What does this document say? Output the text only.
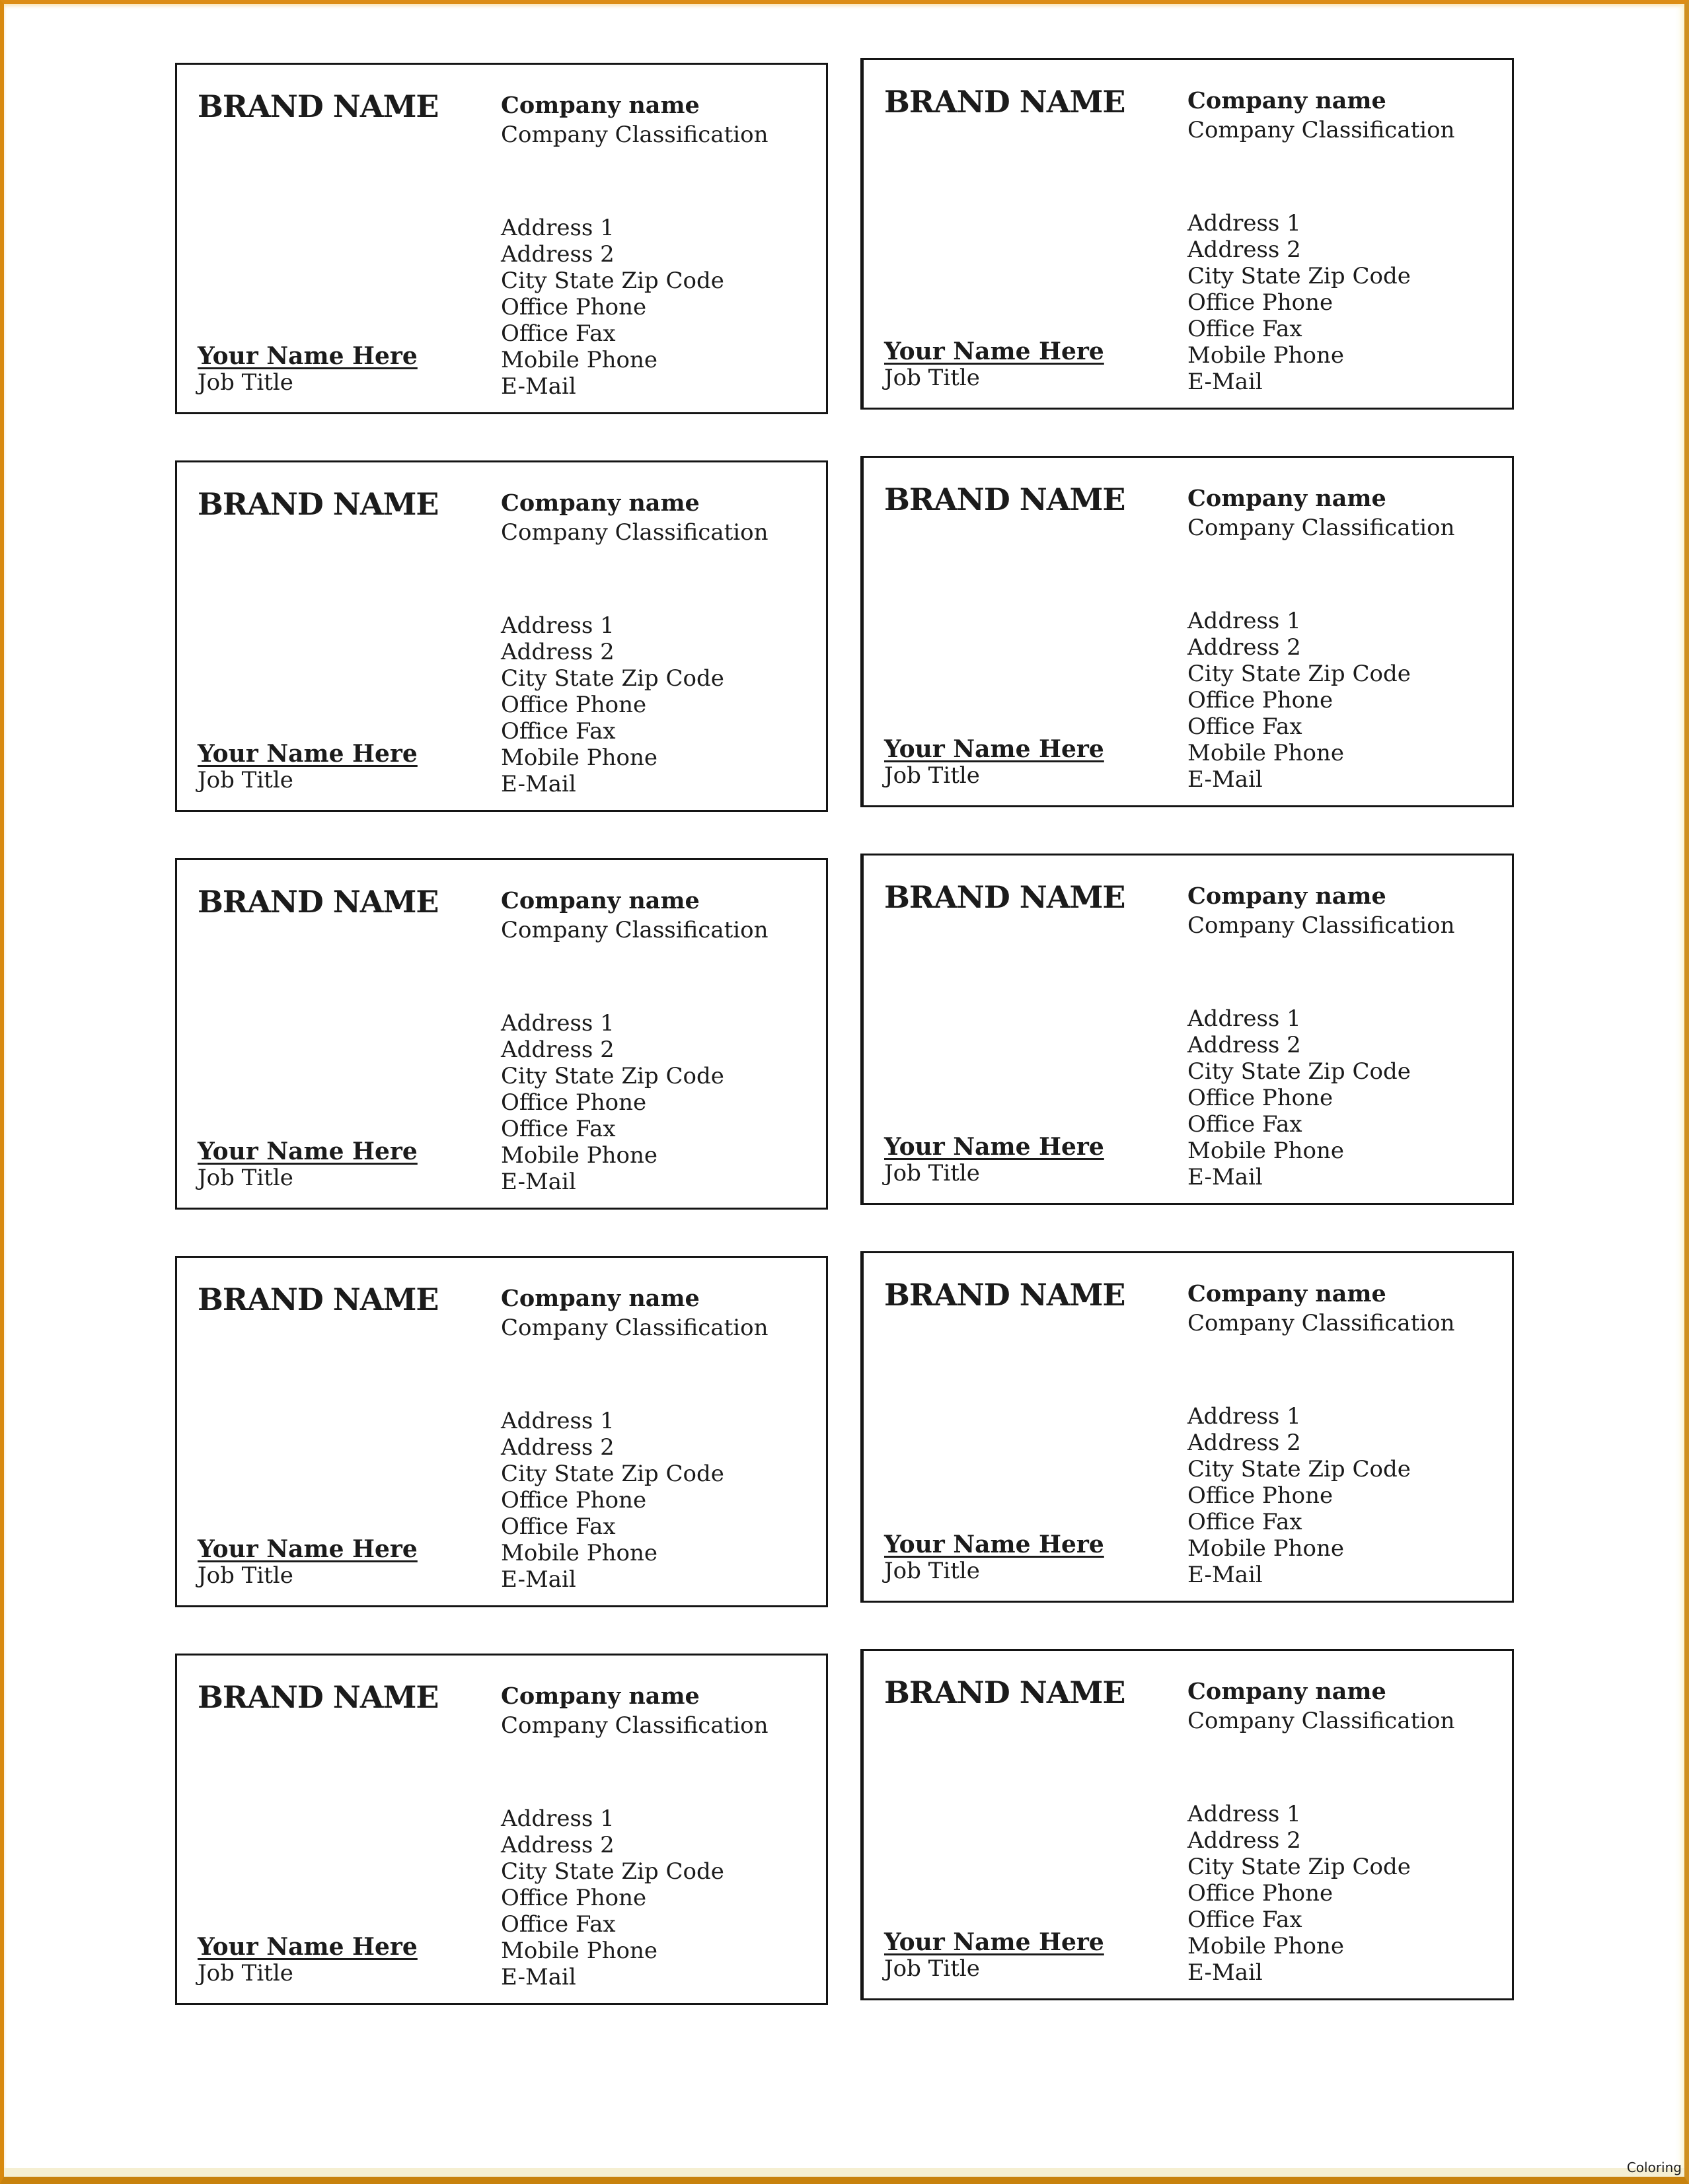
BRAND NAME	Company name
Company Classification
Address 1
Address 2
City State Zip Code
Office Phone
Office Fax
Mobile Phone
E-Mail
Your Name Here
Job Title
BRAND NAME	Company name
Company Classification
Address 1
Address 2
City State Zip Code
Office Phone
Office Fax
Mobile Phone
E-Mail
Your Name Here
Job Title
BRAND NAME	Company name
Company Classification
Address 1
Address 2
City State Zip Code
Office Phone
Office Fax
Mobile Phone
E-Mail
Your Name Here
Job Title
BRAND NAME	Company name
Company Classification
Address 1
Address 2
City State Zip Code
Office Phone
Office Fax
Mobile Phone
E-Mail
Your Name Here
Job Title
BRAND NAME	Company name
Company Classification
Address 1
Address 2
City State Zip Code
Office Phone
Office Fax
Mobile Phone
E-Mail
Your Name Here
Job Title
BRAND NAME	Company name
Company Classification
Address 1
Address 2
City State Zip Code
Office Phone
Office Fax
Mobile Phone
E-Mail
Your Name Here
Job Title
BRAND NAME	Company name
Company Classification
Address 1
Address 2
City State Zip Code
Office Phone
Office Fax
Mobile Phone
E-Mail
Your Name Here
Job Title
BRAND NAME	Company name
Company Classification
Address 1
Address 2
City State Zip Code
Office Phone
Office Fax
Mobile Phone
E-Mail
Your Name Here
Job Title
BRAND NAME	Company name
Company Classification
Address 1
Address 2
City State Zip Code
Office Phone
Office Fax
Mobile Phone
E-Mail
Your Name Here
Job Title
BRAND NAME	Company name
Company Classification
Address 1
Address 2
City State Zip Code
Office Phone
Office Fax
Mobile Phone
E-Mail
Your Name Here
Job Title
Coloring
